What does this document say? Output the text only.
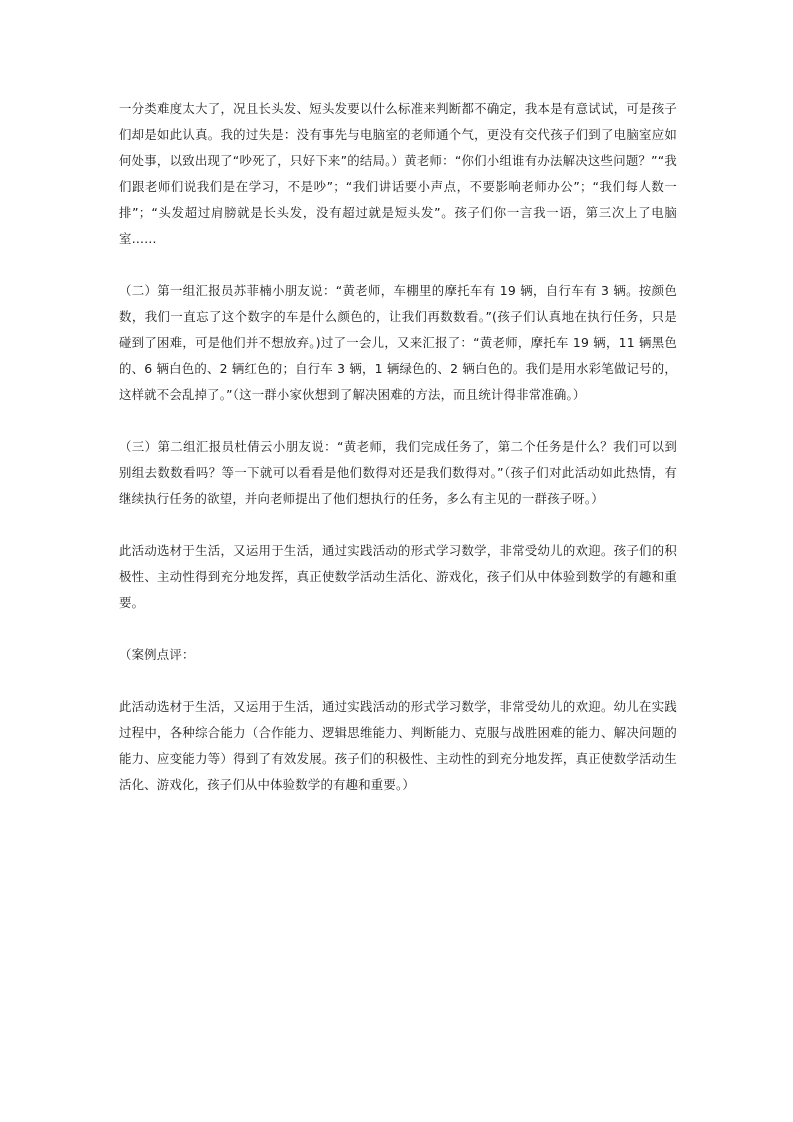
一分类难度太大了，况且长头发、短头发要以什么标准来判断都不确定，我本是有意试试，可是孩子们却是如此认真。我的过失是：没有事先与电脑室的老师通个气，更没有交代孩子们到了电脑室应如何处事，以致出现了“吵死了，只好下来”的结局。）黄老师：“你们小组谁有办法解决这些问题？”“我们跟老师们说我们是在学习，不是吵”；“我们讲话要小声点，不要影响老师办公”；“我们每人数一排”；“头发超过肩膀就是长头发，没有超过就是短头发”。孩子们你一言我一语，第三次上了电脑室……

（二）第一组汇报员苏菲楠小朋友说：“黄老师，车棚里的摩托车有 19 辆，自行车有 3 辆。按颜色数，我们一直忘了这个数字的车是什么颜色的，让我们再数数看。”(孩子们认真地在执行任务，只是碰到了困难，可是他们并不想放弃。)过了一会儿，又来汇报了：“黄老师，摩托车 19 辆，11 辆黑色的、6 辆白色的、2 辆红色的；自行车 3 辆，1 辆绿色的、2 辆白色的。我们是用水彩笔做记号的，这样就不会乱掉了。”（这一群小家伙想到了解决困难的方法，而且统计得非常准确。）

（三）第二组汇报员杜倩云小朋友说：“黄老师，我们完成任务了，第二个任务是什么？我们可以到别组去数数看吗？等一下就可以看看是他们数得对还是我们数得对。”（孩子们对此活动如此热情，有继续执行任务的欲望，并向老师提出了他们想执行的任务，多么有主见的一群孩子呀。）

此活动选材于生活，又运用于生活，通过实践活动的形式学习数学，非常受幼儿的欢迎。孩子们的积极性、主动性得到充分地发挥，真正使数学活动生活化、游戏化，孩子们从中体验到数学的有趣和重要。

（案例点评：

此活动选材于生活，又运用于生活，通过实践活动的形式学习数学，非常受幼儿的欢迎。幼儿在实践过程中，各种综合能力（合作能力、逻辑思维能力、判断能力、克服与战胜困难的能力、解决问题的能力、应变能力等）得到了有效发展。孩子们的积极性、主动性的到充分地发挥，真正使数学活动生活化、游戏化，孩子们从中体验数学的有趣和重要。）
